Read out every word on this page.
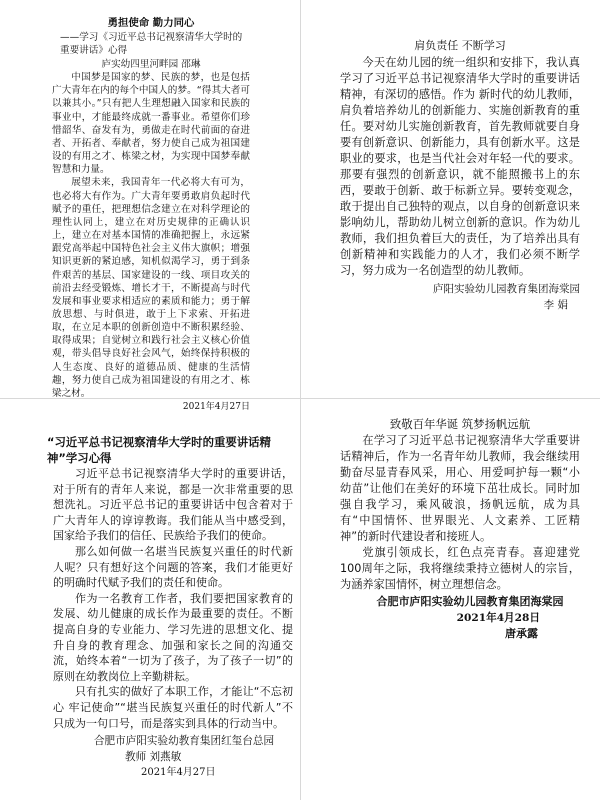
勇担使命 勤力同心
——学习《习近平总书记视察清华大学时的重要讲话》心得
庐实幼四里河畔园 邵琳

中国梦是国家的梦、民族的梦，也是包括广大青年在内的每个中国人的梦。“得其大者可以兼其小。”只有把人生理想融入国家和民族的事业中，才能最终成就一番事业。希望你们珍惜韶华、奋发有为，勇做走在时代前面的奋进者、开拓者、奉献者，努力使自己成为祖国建设的有用之才、栋梁之材，为实现中国梦奉献智慧和力量。

展望未来，我国青年一代必将大有可为，也必将大有作为。广大青年要勇敢肩负起时代赋予的重任，把理想信念建立在对科学理论的理性认同上，建立在对历史规律的正确认识上，建立在对基本国情的准确把握上，永远紧跟党高举起中国特色社会主义伟大旗帜；增强知识更新的紧迫感，知机似渴学习，勇于到条件艰苦的基层、国家建设的一线、项目攻关的前沿去经受锻炼、增长才干，不断提高与时代发展和事业要求相适应的素质和能力；勇于解放思想、与时俱进，敢于上下求索、开拓进取，在立足本职的创新创造中不断积累经验、取得成果；自觉树立和践行社会主义核心价值观，带头倡导良好社会风气，始终保持积极的人生态度、良好的道德品质、健康的生活情趣，努力使自己成为祖国建设的有用之才、栋梁之材。

2021年4月27日
肩负责任 不断学习

今天在幼儿园的统一组织和安排下，我认真学习了习近平总书记视察清华大学时的重要讲话精神，有深切的感悟。作为 新时代的幼儿教师，肩负着培养幼儿的创新能力、实施创新教育的重任。要对幼儿实施创新教育，首先教师就要自身要有创新意识、创新能力，具有创新水平。这是职业的要求，也是当代社会对年轻一代的要求。那要有强烈的创新意识，就不能照搬书上的东西，要敢于创新、敢于标新立异。要转变观念，敢于提出自己独特的观点，以自身的创新意识来影响幼儿，帮助幼儿树立创新的意识。作为幼儿教师，我们担负着巨大的责任，为了培养出具有创新精神和实践能力的人才，我们必须不断学习，努力成为一名创造型的幼儿教师。

庐阳实验幼儿园教育集团海棠园
李 娟
“习近平总书记视察清华大学时的重要讲话精神”学习心得

习近平总书记视察清华大学时的重要讲话，对于所有的青年人来说，都是一次非常重要的思想洗礼。习近平总书记的重要讲话中包含着对于广大青年人的谆谆教诲。我们能从当中感受到，国家给予我们的信任、民族给予我们的使命。

那么如何做一名堪当民族复兴重任的时代新人呢？只有想好这个问题的答案，我们才能更好的明确时代赋予我们的责任和使命。

作为一名教育工作者，我们要把国家教育的发展、幼儿健康的成长作为最重要的责任。不断提高自身的专业能力、学习先进的思想文化、提升自身的教育理念、加强和家长之间的沟通交流，始终本着“一切为了孩子，为了孩子一切”的原则在幼教岗位上辛勤耕耘。

只有扎实的做好了本职工作，才能让“不忘初心 牢记使命”“堪当民族复兴重任的时代新人”不只成为一句口号，而是落实到具体的行动当中。

合肥市庐阳实验幼教育集团红玺台总园
教师 刘燕敏
2021年4月27日
致敬百年华诞 筑梦扬帆远航

在学习了习近平总书记视察清华大学重要讲话精神后，作为一名青年幼儿教师，我会继续用勤奋尽显青春风采，用心、用爱呵护每一颗“小幼苗”让他们在美好的环境下茁壮成长。同时加强自我学习，乘风破浪，扬帆远航，成为具有“中国情怀、世界眼光、人文素养、工匠精神”的新时代建设者和接班人。

党旗引领成长，红色点亮青春。喜迎建党100周年之际，我将继续秉持立德树人的宗旨，为涵养家国情怀，树立理想信念。

合肥市庐阳实验幼儿园教育集团海棠园
2021年4月28日
唐承露
